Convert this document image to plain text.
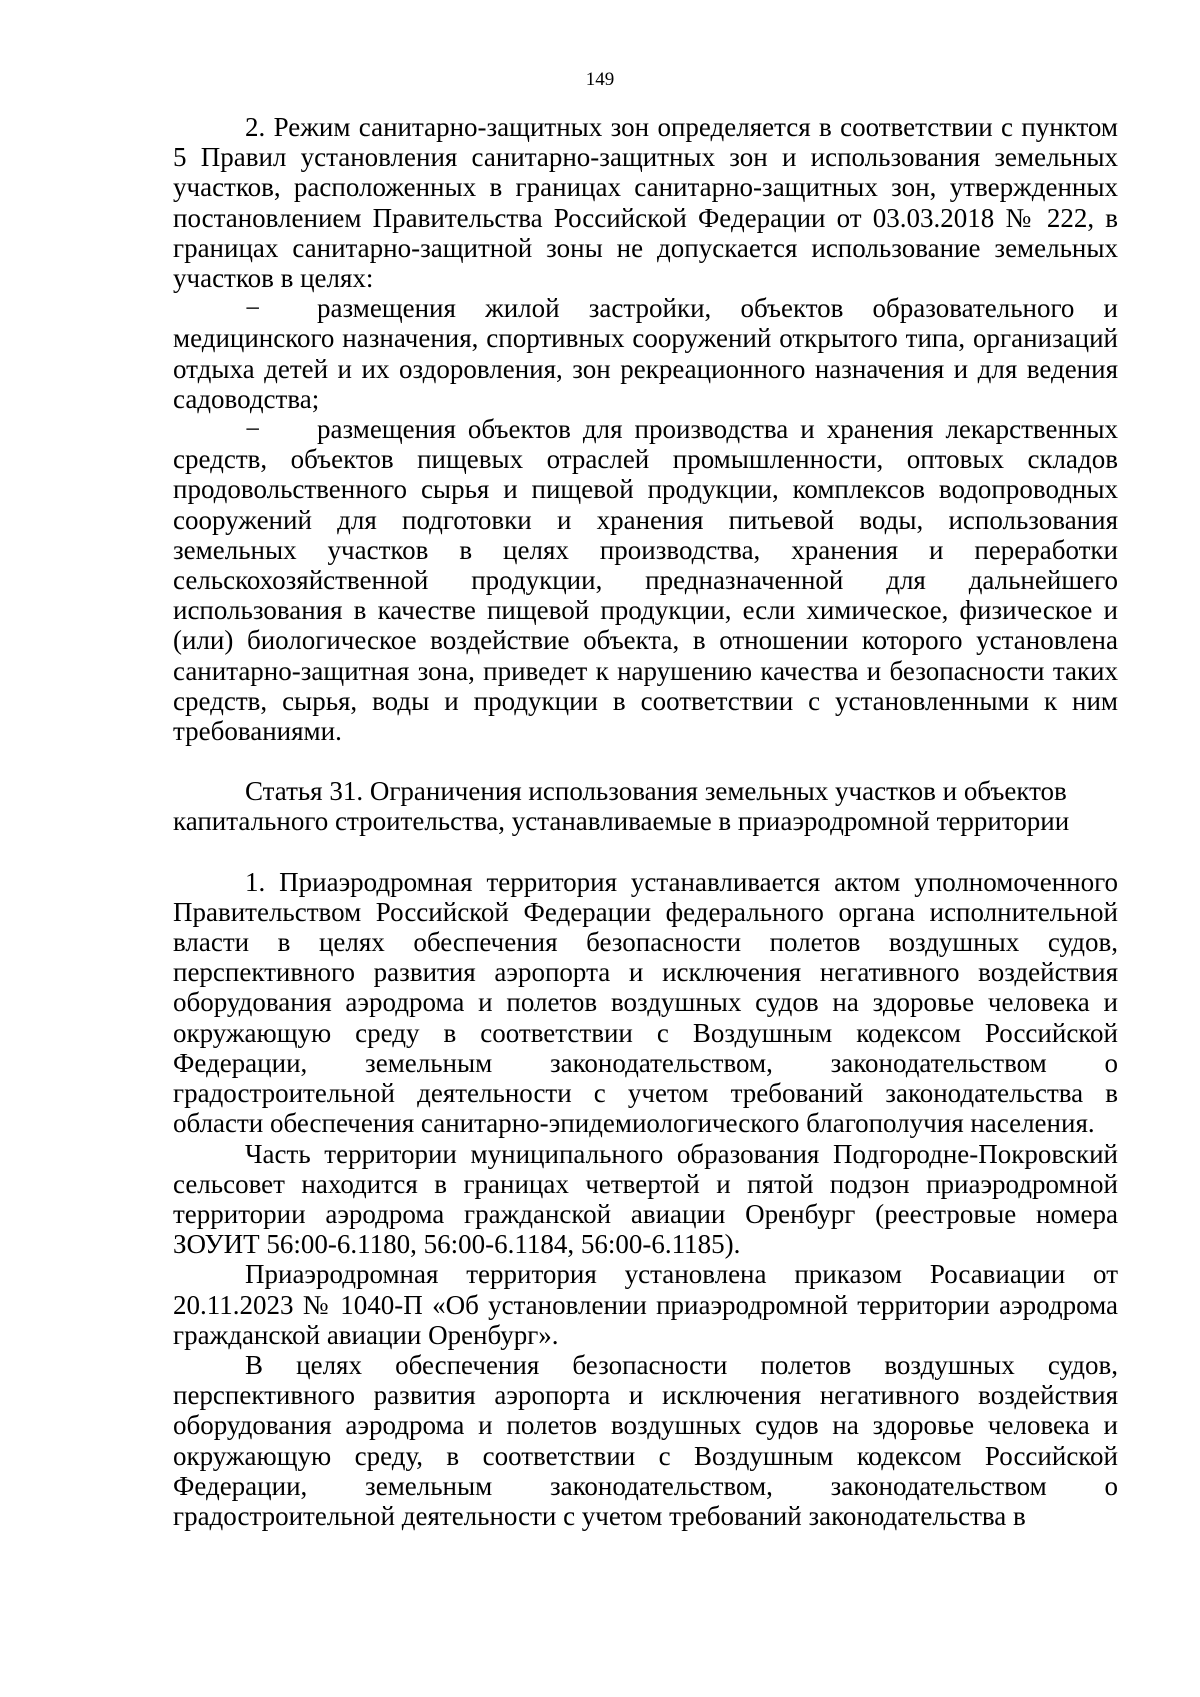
149

2. Режим санитарно-защитных зон определяется в соответствии с пунктом 5 Правил установления санитарно-защитных зон и использования земельных участков, расположенных в границах санитарно-защитных зон, утвержденных постановлением Правительства Российской Федерации от 03.03.2018 № 222, в границах санитарно-защитной зоны не допускается использование земельных участков в целях:

− размещения жилой застройки, объектов образовательного и медицинского назначения, спортивных сооружений открытого типа, организаций отдыха детей и их оздоровления, зон рекреационного назначения и для ведения садоводства;

− размещения объектов для производства и хранения лекарственных средств, объектов пищевых отраслей промышленности, оптовых складов продовольственного сырья и пищевой продукции, комплексов водопроводных сооружений для подготовки и хранения питьевой воды, использования земельных участков в целях производства, хранения и переработки сельскохозяйственной продукции, предназначенной для дальнейшего использования в качестве пищевой продукции, если химическое, физическое и (или) биологическое воздействие объекта, в отношении которого установлена санитарно-защитная зона, приведет к нарушению качества и безопасности таких средств, сырья, воды и продукции в соответствии с установленными к ним требованиями.

Статья 31. Ограничения использования земельных участков и объектов капитального строительства, устанавливаемые в приаэродромной территории

1. Приаэродромная территория устанавливается актом уполномоченного Правительством Российской Федерации федерального органа исполнительной власти в целях обеспечения безопасности полетов воздушных судов, перспективного развития аэропорта и исключения негативного воздействия оборудования аэродрома и полетов воздушных судов на здоровье человека и окружающую среду в соответствии с Воздушным кодексом Российской Федерации, земельным законодательством, законодательством о градостроительной деятельности с учетом требований законодательства в области обеспечения санитарно-эпидемиологического благополучия населения.

Часть территории муниципального образования Подгородне-Покровский сельсовет находится в границах четвертой и пятой подзон приаэродромной территории аэродрома гражданской авиации Оренбург (реестровые номера ЗОУИТ 56:00-6.1180, 56:00-6.1184, 56:00-6.1185).

Приаэродромная территория установлена приказом Росавиации от 20.11.2023 № 1040-П «Об установлении приаэродромной территории аэродрома гражданской авиации Оренбург».

В целях обеспечения безопасности полетов воздушных судов, перспективного развития аэропорта и исключения негативного воздействия оборудования аэродрома и полетов воздушных судов на здоровье человека и окружающую среду, в соответствии с Воздушным кодексом Российской Федерации, земельным законодательством, законодательством о градостроительной деятельности с учетом требований законодательства в
